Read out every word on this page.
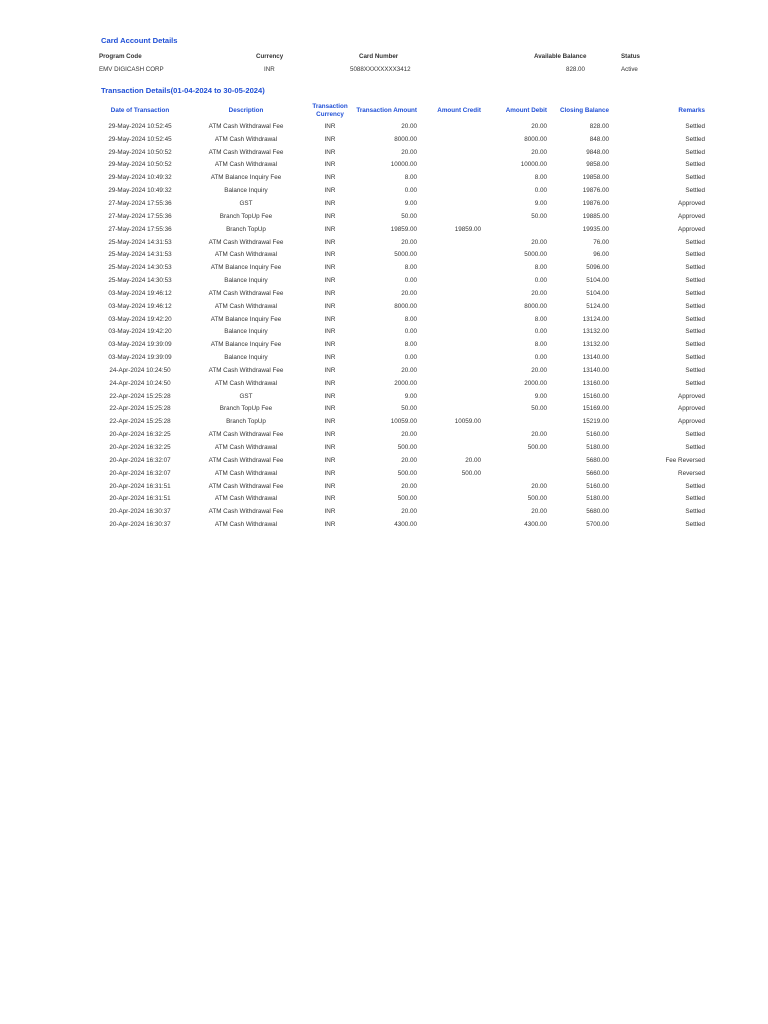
Card Account Details
Program Code	Currency	Card Number	Available Balance	Status
EMV DIGICASH CORP	INR	5088XXXXXXXX3412	828.00	Active
Transaction Details(01-04-2024 to 30-05-2024)
Date of Transaction	Description	Transaction Currency	Transaction Amount	Amount Credit	Amount Debit	Closing Balance	Remarks
29-May-2024 10:52:45	ATM Cash Withdrawal Fee	INR	20.00		20.00	828.00	Settled
29-May-2024 10:52:45	ATM Cash Withdrawal	INR	8000.00		8000.00	848.00	Settled
29-May-2024 10:50:52	ATM Cash Withdrawal Fee	INR	20.00		20.00	9848.00	Settled
29-May-2024 10:50:52	ATM Cash Withdrawal	INR	10000.00		10000.00	9858.00	Settled
29-May-2024 10:49:32	ATM Balance Inquiry Fee	INR	8.00		8.00	19858.00	Settled
29-May-2024 10:49:32	Balance Inquiry	INR	0.00		0.00	19876.00	Settled
27-May-2024 17:55:36	GST	INR	9.00		9.00	19876.00	Approved
27-May-2024 17:55:36	Branch TopUp Fee	INR	50.00		50.00	19885.00	Approved
27-May-2024 17:55:36	Branch TopUp	INR	19859.00	19859.00		19935.00	Approved
25-May-2024 14:31:53	ATM Cash Withdrawal Fee	INR	20.00		20.00	76.00	Settled
25-May-2024 14:31:53	ATM Cash Withdrawal	INR	5000.00		5000.00	96.00	Settled
25-May-2024 14:30:53	ATM Balance Inquiry Fee	INR	8.00		8.00	5096.00	Settled
25-May-2024 14:30:53	Balance Inquiry	INR	0.00		0.00	5104.00	Settled
03-May-2024 19:46:12	ATM Cash Withdrawal Fee	INR	20.00		20.00	5104.00	Settled
03-May-2024 19:46:12	ATM Cash Withdrawal	INR	8000.00		8000.00	5124.00	Settled
03-May-2024 19:42:20	ATM Balance Inquiry Fee	INR	8.00		8.00	13124.00	Settled
03-May-2024 19:42:20	Balance Inquiry	INR	0.00		0.00	13132.00	Settled
03-May-2024 19:39:09	ATM Balance Inquiry Fee	INR	8.00		8.00	13132.00	Settled
03-May-2024 19:39:09	Balance Inquiry	INR	0.00		0.00	13140.00	Settled
24-Apr-2024 10:24:50	ATM Cash Withdrawal Fee	INR	20.00		20.00	13140.00	Settled
24-Apr-2024 10:24:50	ATM Cash Withdrawal	INR	2000.00		2000.00	13160.00	Settled
22-Apr-2024 15:25:28	GST	INR	9.00		9.00	15160.00	Approved
22-Apr-2024 15:25:28	Branch TopUp Fee	INR	50.00		50.00	15169.00	Approved
22-Apr-2024 15:25:28	Branch TopUp	INR	10059.00	10059.00		15219.00	Approved
20-Apr-2024 16:32:25	ATM Cash Withdrawal Fee	INR	20.00		20.00	5160.00	Settled
20-Apr-2024 16:32:25	ATM Cash Withdrawal	INR	500.00		500.00	5180.00	Settled
20-Apr-2024 16:32:07	ATM Cash Withdrawal Fee	INR	20.00	20.00		5680.00	Fee Reversed
20-Apr-2024 16:32:07	ATM Cash Withdrawal	INR	500.00	500.00		5660.00	Reversed
20-Apr-2024 16:31:51	ATM Cash Withdrawal Fee	INR	20.00		20.00	5160.00	Settled
20-Apr-2024 16:31:51	ATM Cash Withdrawal	INR	500.00		500.00	5180.00	Settled
20-Apr-2024 16:30:37	ATM Cash Withdrawal Fee	INR	20.00		20.00	5680.00	Settled
20-Apr-2024 16:30:37	ATM Cash Withdrawal	INR	4300.00		4300.00	5700.00	Settled
